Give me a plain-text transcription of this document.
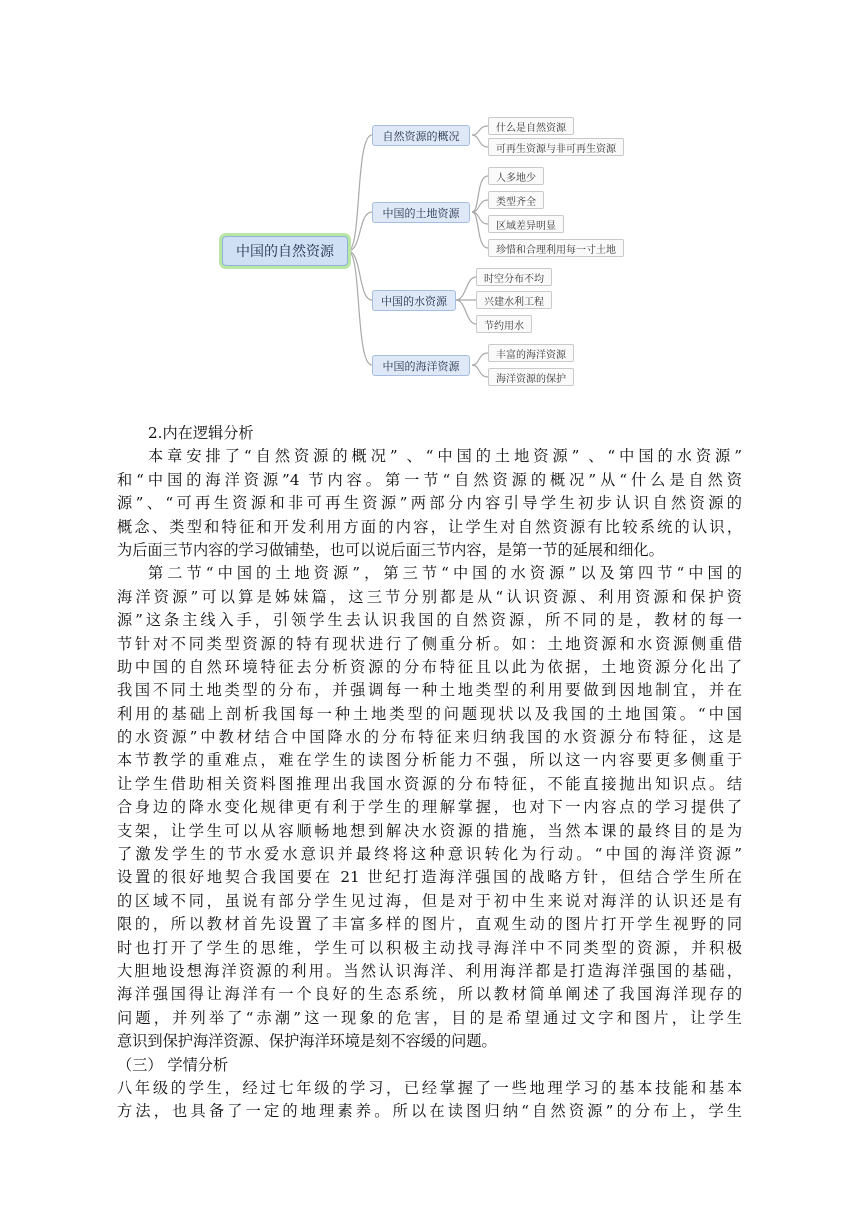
中国的自然资源
自然资源的概况
中国的土地资源
中国的水资源
中国的海洋资源
什么是自然资源
可再生资源与非可再生资源
人多地少
类型齐全
区域差异明显
珍惜和合理利用每一寸土地
时空分布不均
兴建水利工程
节约用水
丰富的海洋资源
海洋资源的保护
2.内在逻辑分析
本章安排了“自然资源的概况” 、“中国的土地资源” 、“中国的水资源”
和“中国的海洋资源”4 节内容。第一节“自然资源的概况”从“什么是自然资
源”、“可再生资源和非可再生资源”两部分内容引导学生初步认识自然资源的
概念、类型和特征和开发利用方面的内容，让学生对自然资源有比较系统的认识，
为后面三节内容的学习做铺垫，也可以说后面三节内容，是第一节的延展和细化。
第二节“中国的土地资源”，第三节“中国的水资源”以及第四节“中国的
海洋资源”可以算是姊妹篇，这三节分别都是从“认识资源、利用资源和保护资
源”这条主线入手，引领学生去认识我国的自然资源，所不同的是，教材的每一
节针对不同类型资源的特有现状进行了侧重分析。如：土地资源和水资源侧重借
助中国的自然环境特征去分析资源的分布特征且以此为依据，土地资源分化出了
我国不同土地类型的分布，并强调每一种土地类型的利用要做到因地制宜，并在
利用的基础上剖析我国每一种土地类型的问题现状以及我国的土地国策。“中国
的水资源”中教材结合中国降水的分布特征来归纳我国的水资源分布特征，这是
本节教学的重难点，难在学生的读图分析能力不强，所以这一内容要更多侧重于
让学生借助相关资料图推理出我国水资源的分布特征，不能直接抛出知识点。结
合身边的降水变化规律更有利于学生的理解掌握，也对下一内容点的学习提供了
支架，让学生可以从容顺畅地想到解决水资源的措施，当然本课的最终目的是为
了激发学生的节水爱水意识并最终将这种意识转化为行动。“中国的海洋资源”
设置的很好地契合我国要在 21 世纪打造海洋强国的战略方针，但结合学生所在
的区域不同，虽说有部分学生见过海，但是对于初中生来说对海洋的认识还是有
限的，所以教材首先设置了丰富多样的图片，直观生动的图片打开学生视野的同
时也打开了学生的思维，学生可以积极主动找寻海洋中不同类型的资源，并积极
大胆地设想海洋资源的利用。当然认识海洋、利用海洋都是打造海洋强国的基础，
海洋强国得让海洋有一个良好的生态系统，所以教材简单阐述了我国海洋现存的
问题，并列举了“赤潮”这一现象的危害，目的是希望通过文字和图片，让学生
意识到保护海洋资源、保护海洋环境是刻不容缓的问题。
（三） 学情分析
八年级的学生，经过七年级的学习，已经掌握了一些地理学习的基本技能和基本
方法，也具备了一定的地理素养。所以在读图归纳“自然资源”的分布上，学生
